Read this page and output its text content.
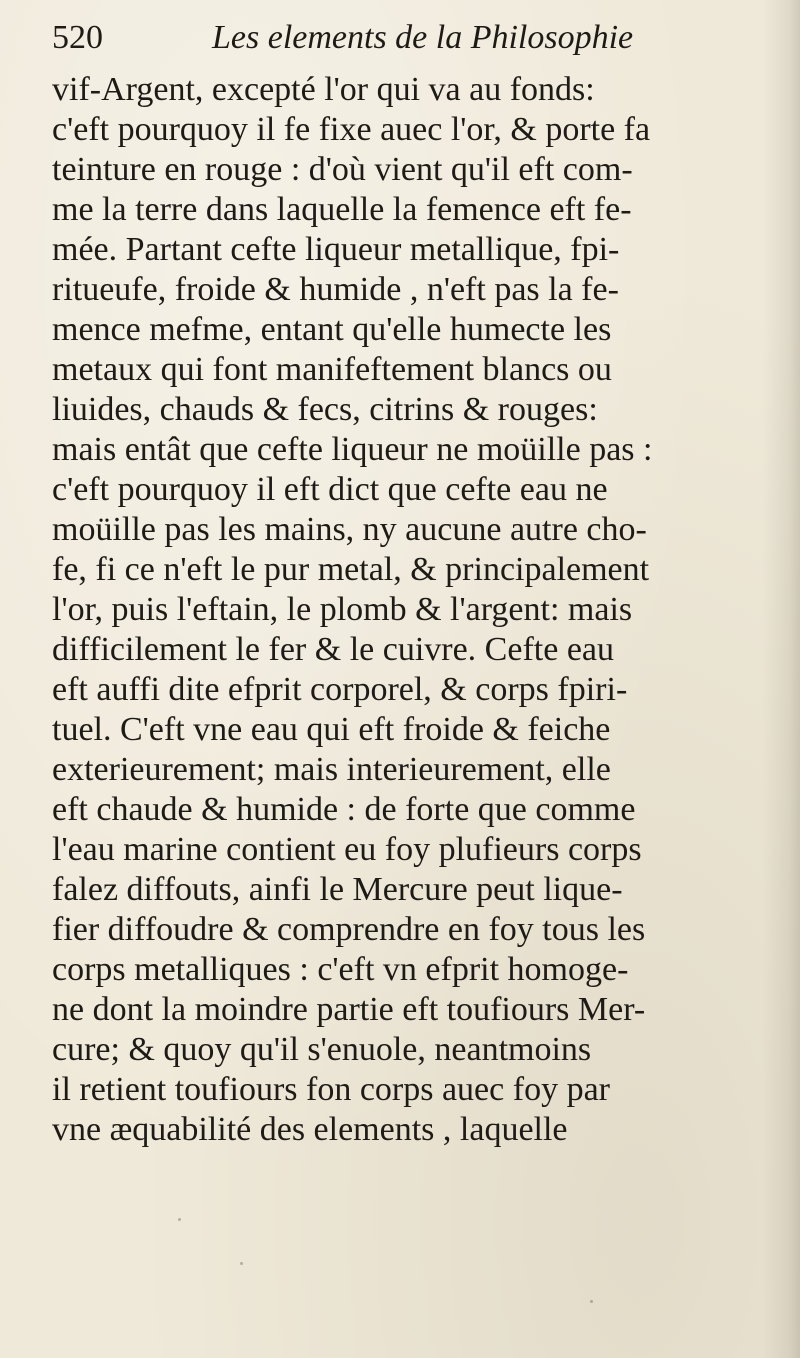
520	Les elements de la Philosophie
vif-Argent, excepté l'or qui va au fonds:
c'eft pourquoy il fe fixe auec l'or, & porte fa
teinture en rouge : d'où vient qu'il eft com-
me la terre dans laquelle la femence eft fe-
mée. Partant cefte liqueur metallique, fpi-
ritueufe, froide & humide , n'eft pas la fe-
mence mefme, entant qu'elle humecte les
metaux qui font manifeftement blancs ou
liuides, chauds & fecs, citrins & rouges:
mais entât que cefte liqueur ne moüille pas :
c'eft pourquoy il eft dict que cefte eau ne
moüille pas les mains, ny aucune autre cho-
fe, fi ce n'eft le pur metal, & principalement
l'or, puis l'eftain, le plomb & l'argent: mais
difficilement le fer & le cuivre. Cefte eau
eft auffi dite efprit corporel, & corps fpiri-
tuel. C'eft vne eau qui eft froide & feiche
exterieurement; mais interieurement, elle
eft chaude & humide : de forte que comme
l'eau marine contient eu foy plufieurs corps
falez diffouts, ainfi le Mercure peut lique-
fier diffoudre & comprendre en foy tous les
corps metalliques : c'eft vn efprit homoge-
ne dont la moindre partie eft toufiours Mer-
cure; & quoy qu'il s'enuole, neantmoins
il retient toufiours fon corps auec foy par
vne æquabilité des elements , laquelle
